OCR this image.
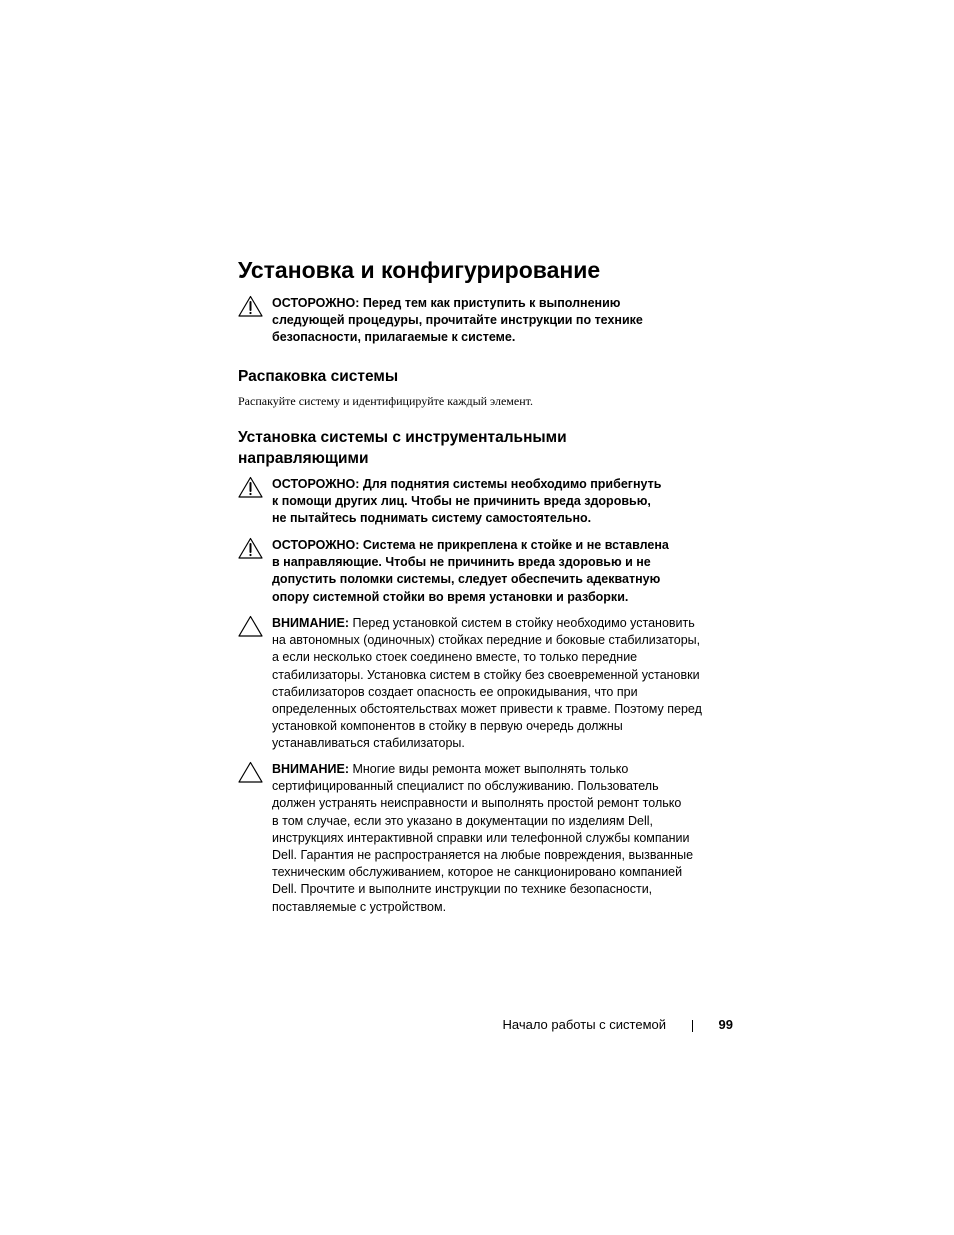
Установка и конфигурирование
ОСТОРОЖНО: Перед тем как приступить к выполнению
следующей процедуры, прочитайте инструкции по технике
безопасности, прилагаемые к системе.
Распаковка системы

Распакуйте систему и идентифицируйте каждый элемент.

Установка системы с инструментальными
направляющими
ОСТОРОЖНО: Для поднятия системы необходимо прибегнуть
к помощи других лиц. Чтобы не причинить вреда здоровью,
не пытайтесь поднимать систему самостоятельно.
ОСТОРОЖНО: Система не прикреплена к стойке и не вставлена
в направляющие. Чтобы не причинить вреда здоровью и не
допустить поломки системы, следует обеспечить адекватную
опору системной стойки во время установки и разборки.
ВНИМАНИЕ: Перед установкой систем в стойку необходимо установить
на автономных (одиночных) стойках передние и боковые стабилизаторы,
а если несколько стоек соединено вместе, то только передние
стабилизаторы. Установка систем в стойку без своевременной установки
стабилизаторов создает опасность ее опрокидывания, что при
определенных обстоятельствах может привести к травме. Поэтому перед
установкой компонентов в стойку в первую очередь должны
устанавливаться стабилизаторы.
ВНИМАНИЕ: Многие виды ремонта может выполнять только
сертифицированный специалист по обслуживанию. Пользователь
должен устранять неисправности и выполнять простой ремонт только
в том случае, если это указано в документации по изделиям Dell,
инструкциях интерактивной справки или телефонной службы компании
Dell. Гарантия не распространяется на любые повреждения, вызванные
техническим обслуживанием, которое не санкционировано компанией
Dell. Прочтите и выполните инструкции по технике безопасности,
поставляемые с устройством.
Начало работы с системой	99
